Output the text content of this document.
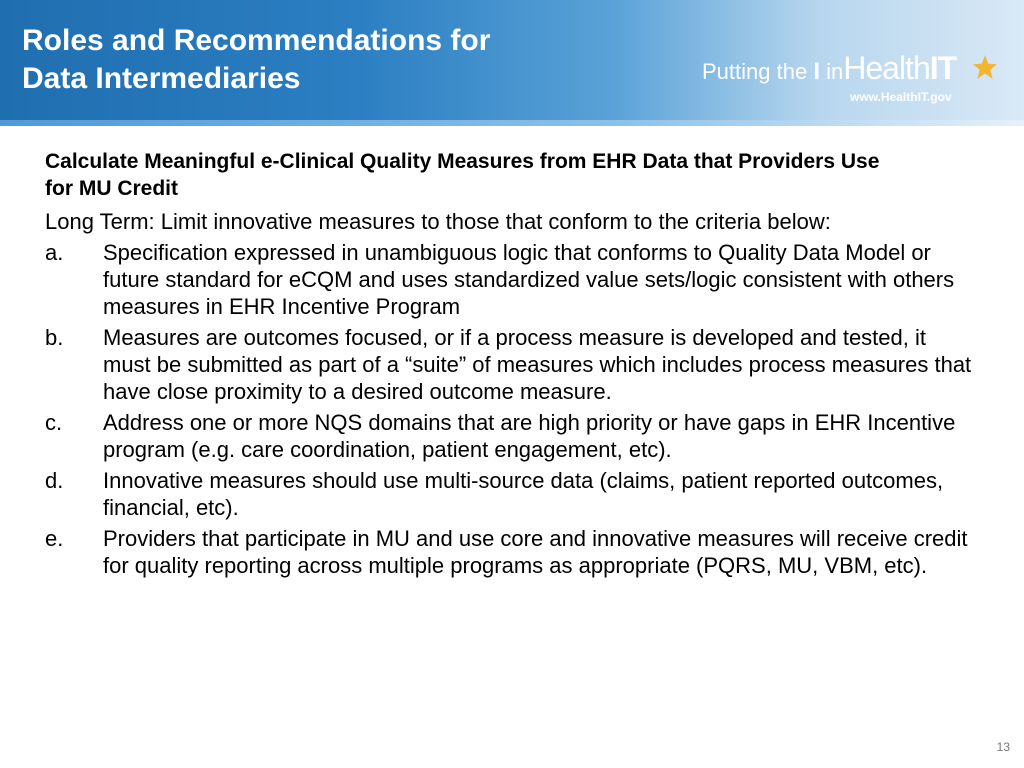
Roles and Recommendations for
Data Intermediaries	Putting the I inHealthIT
www.HealthIT.gov
Calculate Meaningful e-Clinical Quality Measures from EHR Data that Providers Use for MU Credit
Long Term: Limit innovative measures to those that conform to the criteria below:
a.	Specification expressed in unambiguous logic that conforms to Quality Data Model or future standard for eCQM and uses standardized value sets/logic consistent with others measures in EHR Incentive Program
b.	Measures are outcomes focused, or if a process measure is developed and tested, it must be submitted as part of a “suite” of measures which includes process measures that have close proximity to a desired outcome measure.
c.	Address one or more NQS domains that are high priority or have gaps in EHR Incentive program (e.g. care coordination, patient engagement, etc).
d.	Innovative measures should use multi-source data (claims, patient reported outcomes, financial, etc).
e.	Providers that participate in MU and use core and innovative measures will receive credit for quality reporting across multiple programs as appropriate (PQRS, MU, VBM, etc).
13
